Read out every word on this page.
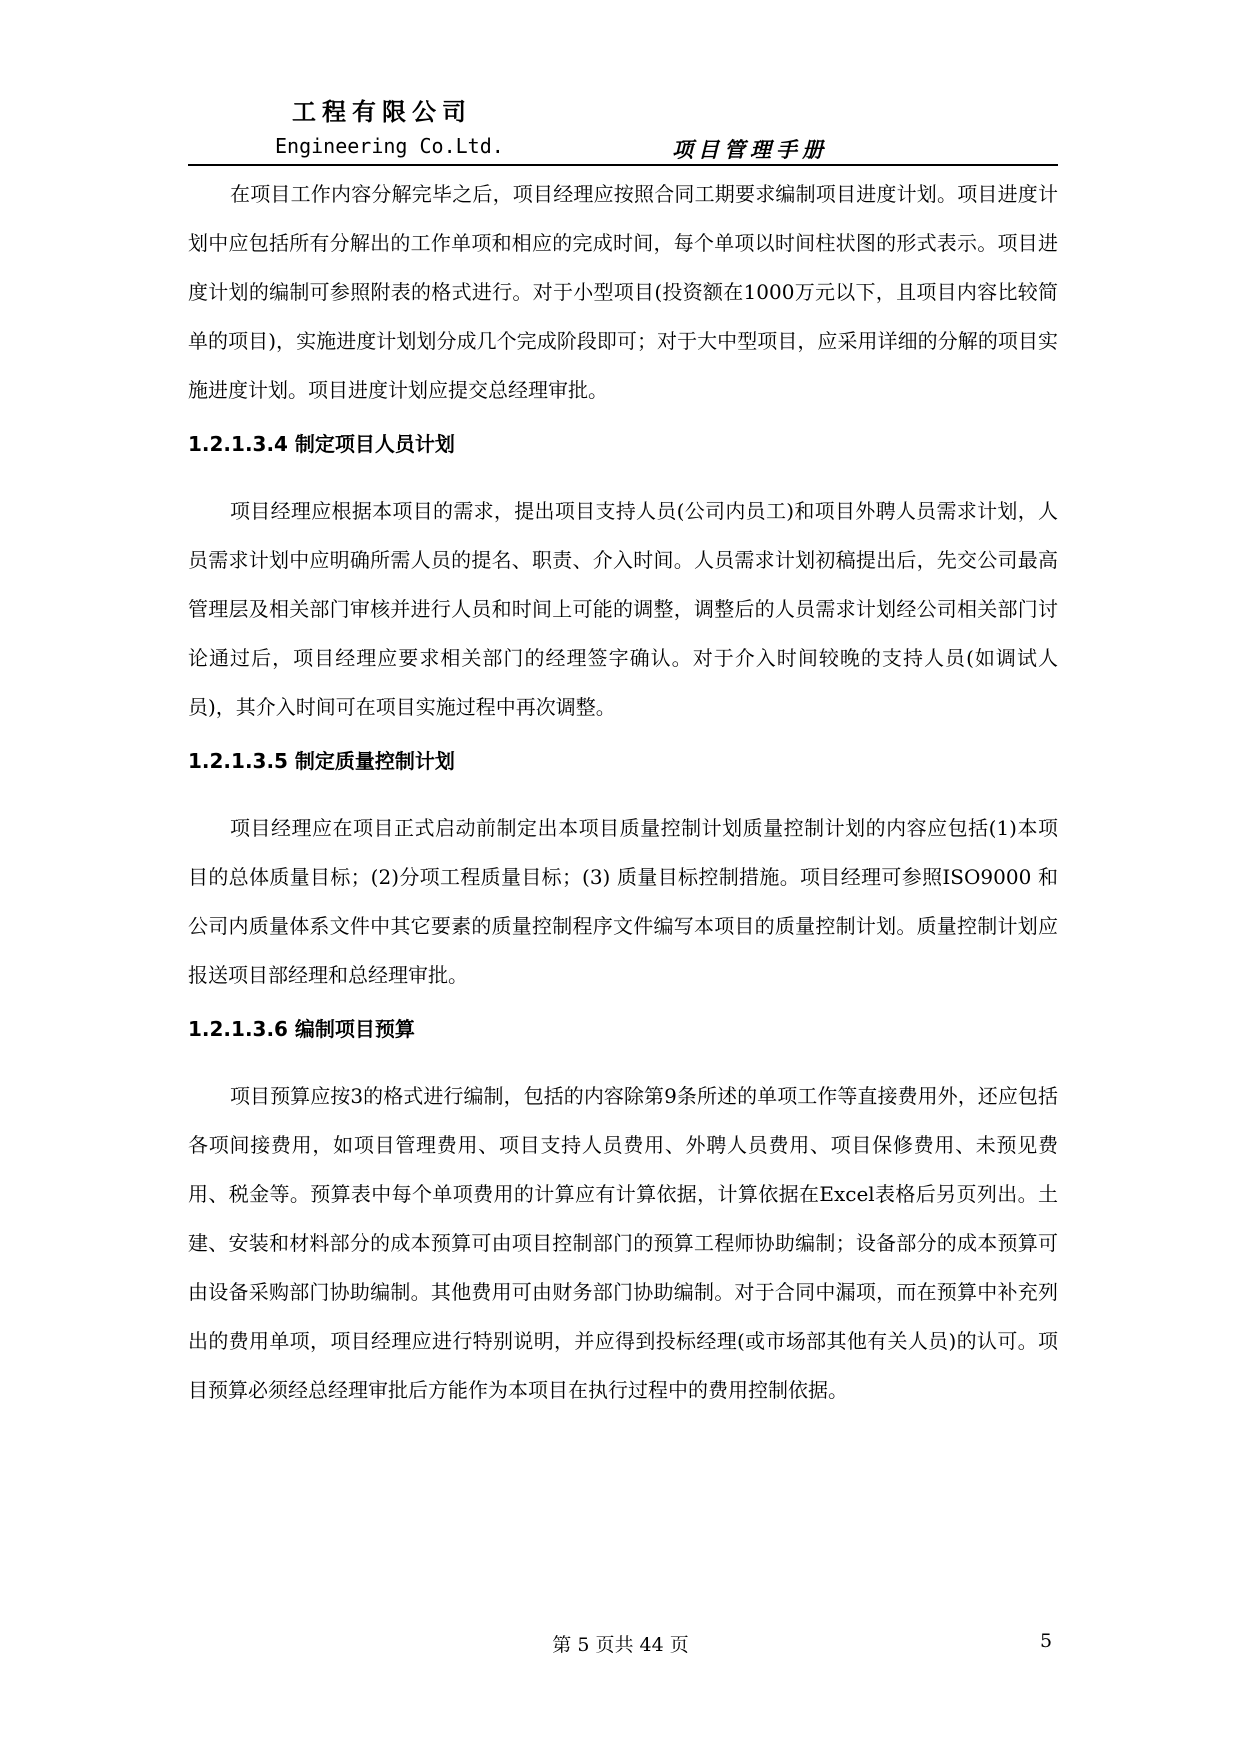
工程有限公司
Engineering Co.Ltd.	项目管理手册

在项目工作内容分解完毕之后，项目经理应按照合同工期要求编制项目进度计划。项目进度计划中应包括所有分解出的工作单项和相应的完成时间，每个单项以时间柱状图的形式表示。项目进度计划的编制可参照附表的格式进行。对于小型项目(投资额在1000万元以下，且项目内容比较简单的项目)，实施进度计划划分成几个完成阶段即可；对于大中型项目，应采用详细的分解的项目实施进度计划。项目进度计划应提交总经理审批。

1.2.1.3.4 制定项目人员计划

项目经理应根据本项目的需求，提出项目支持人员(公司内员工)和项目外聘人员需求计划，人员需求计划中应明确所需人员的提名、职责、介入时间。人员需求计划初稿提出后，先交公司最高管理层及相关部门审核并进行人员和时间上可能的调整，调整后的人员需求计划经公司相关部门讨论通过后，项目经理应要求相关部门的经理签字确认。对于介入时间较晚的支持人员(如调试人员)，其介入时间可在项目实施过程中再次调整。

1.2.1.3.5 制定质量控制计划

项目经理应在项目正式启动前制定出本项目质量控制计划质量控制计划的内容应包括(1)本项目的总体质量目标；(2)分项工程质量目标；(3) 质量目标控制措施。项目经理可参照ISO9000 和公司内质量体系文件中其它要素的质量控制程序文件编写本项目的质量控制计划。质量控制计划应报送项目部经理和总经理审批。

1.2.1.3.6 编制项目预算

项目预算应按3的格式进行编制，包括的内容除第9条所述的单项工作等直接费用外，还应包括各项间接费用，如项目管理费用、项目支持人员费用、外聘人员费用、项目保修费用、未预见费用、税金等。预算表中每个单项费用的计算应有计算依据，计算依据在Excel表格后另页列出。土建、安装和材料部分的成本预算可由项目控制部门的预算工程师协助编制；设备部分的成本预算可由设备采购部门协助编制。其他费用可由财务部门协助编制。对于合同中漏项，而在预算中补充列出的费用单项，项目经理应进行特别说明，并应得到投标经理(或市场部其他有关人员)的认可。项目预算必须经总经理审批后方能作为本项目在执行过程中的费用控制依据。

第 5 页共 44 页	5
